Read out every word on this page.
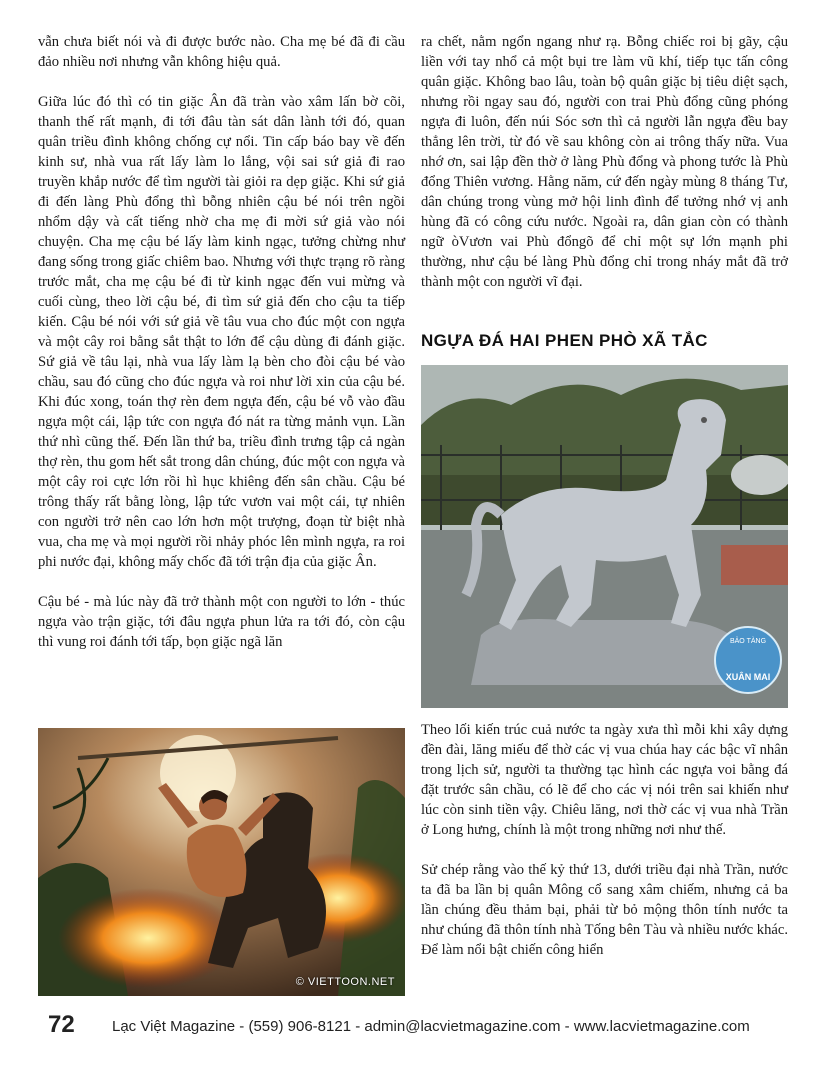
vẫn chưa biết nói và đi được bước nào. Cha mẹ bé đã đi cầu đảo nhiều nơi nhưng vẫn không hiệu quả.

Giữa lúc đó thì có tin giặc Ân đã tràn vào xâm lấn bờ cõi, thanh thế rất mạnh, đi tới đâu tàn sát dân lành tới đó, quan quân triều đình không chống cự nổi. Tin cấp báo bay về đến kinh sư, nhà vua rất lấy làm lo lắng, vội sai sứ giả đi rao truyền khắp nước để tìm người tài giỏi ra dẹp giặc. Khi sứ giả đi đến làng Phù đổng thì bỗng nhiên cậu bé nói trên ngồi nhổm dậy và cất tiếng nhờ cha mẹ đi mời sứ giả vào nói chuyện. Cha mẹ cậu bé lấy làm kinh ngạc, tưởng chừng như đang sống trong giấc chiêm bao. Nhưng với thực trạng rõ ràng trước mắt, cha mẹ cậu bé đi từ kinh ngạc đến vui mừng và cuối cùng, theo lời cậu bé, đi tìm sứ giả đến cho cậu ta tiếp kiến. Cậu bé nói với sứ giả về tâu vua cho đúc một con ngựa và một cây roi bằng sắt thật to lớn để cậu dùng đi đánh giặc. Sứ giả về tâu lại, nhà vua lấy làm lạ bèn cho đòi cậu bé vào chầu, sau đó cũng cho đúc ngựa và roi như lời xin của cậu bé. Khi đúc xong, toán thợ rèn đem ngựa đến, cậu bé vỗ vào đầu ngựa một cái, lập tức con ngựa đó nát ra từng mảnh vụn. Lần thứ nhì cũng thế. Đến lần thứ ba, triều đình trưng tập cả ngàn thợ rèn, thu gom hết sắt trong dân chúng, đúc một con ngựa và một cây roi cực lớn rồi hì hục khiêng đến sân chầu. Cậu bé trông thấy rất bằng lòng, lập tức vươn vai một cái, tự nhiên con người trở nên cao lớn hơn một trượng, đoạn từ biệt nhà vua, cha mẹ và mọi người rồi nhảy phóc lên mình ngựa, ra roi phi nước đại, không mấy chốc đã tới trận địa của giặc Ân.

Cậu bé - mà lúc này đã trở thành một con người to lớn - thúc ngựa vào trận giặc, tới đâu ngựa phun lửa ra tới đó, còn cậu thì vung roi đánh tới tấp, bọn giặc ngã lăn

© VIETTOON.NET

ra chết, nằm ngổn ngang như rạ. Bỗng chiếc roi bị gãy, cậu liền với tay nhổ cả một bụi tre làm vũ khí, tiếp tục tấn công quân giặc. Không bao lâu, toàn bộ quân giặc bị tiêu diệt sạch, nhưng rồi ngay sau đó, người con trai Phù đổng cũng phóng ngựa đi luôn, đến núi Sóc sơn thì cả người lẫn ngựa đều bay thẳng lên trời, từ đó về sau không còn ai trông thấy nữa. Vua nhớ ơn, sai lập đền thờ ở làng Phù đổng và phong tước là Phù đổng Thiên vương. Hằng năm, cứ đến ngày mùng 8 tháng Tư, dân chúng trong vùng mở hội linh đình để tưởng nhớ vị anh hùng đã có công cứu nước. Ngoài ra, dân gian còn có thành ngữ òVươn vai Phù đổngõ để chỉ một sự lớn mạnh phi thường, như cậu bé làng Phù đổng chỉ trong nháy mắt đã trở thành một con người vĩ đại.

NGỰA ĐÁ HAI PHEN PHÒ XÃ TẮC
BẢO TÀNG
XUÂN MAI

Theo lối kiến trúc cuả nước ta ngày xưa thì mỗi khi xây dựng đền đài, lăng miếu để thờ các vị vua chúa hay các bậc vĩ nhân trong lịch sử, người ta thường tạc hình các ngựa voi bằng đá đặt trước sân chầu, có lẽ để cho các vị nói trên sai khiến như lúc còn sinh tiền vậy. Chiêu lăng, nơi thờ các vị vua nhà Trần ở Long hưng, chính là một trong những nơi như thế.

Sử chép rằng vào thế kỷ thứ 13, dưới triều đại nhà Trần, nước ta đã ba lần bị quân Mông cổ sang xâm chiếm, nhưng cả ba lần chúng đều thảm bại, phải từ bỏ mộng thôn tính nước ta như chúng đã thôn tính nhà Tống bên Tàu và nhiều nước khác. Để làm nổi bật chiến công hiển

72 Lạc Việt Magazine - (559) 906-8121 - admin@lacvietmagazine.com - www.lacvietmagazine.com
